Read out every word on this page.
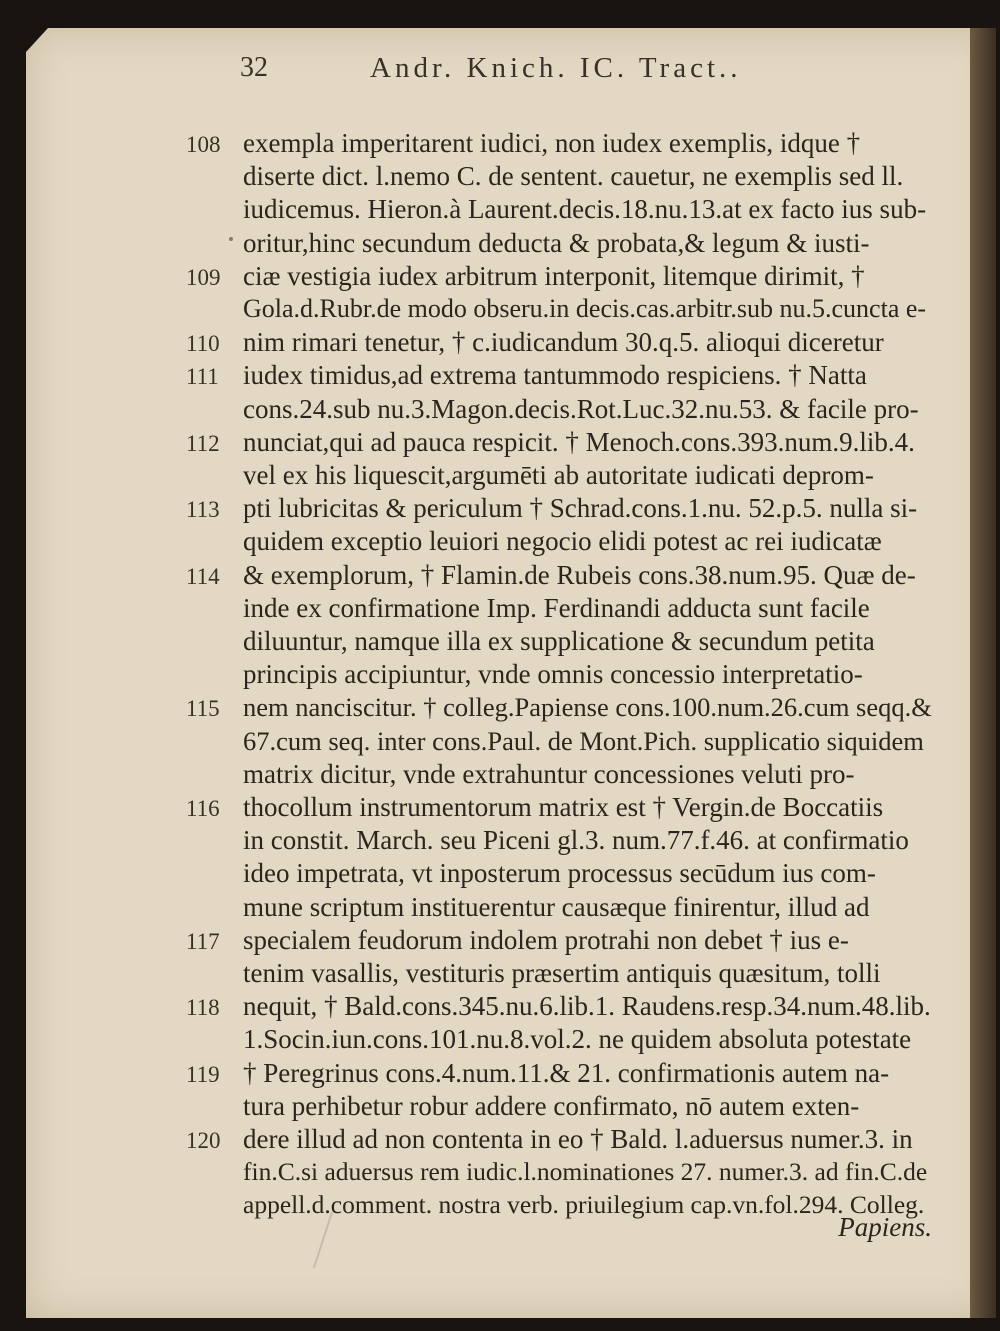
32	Andr. Knich. IC. Tract..
108 exempla imperitarent iudici, non iudex exemplis, idque †
diserte dict. l.nemo C. de sentent. cauetur, ne exemplis sed ll.
iudicemus. Hieron.à Laurent.decis.18.nu.13.at ex facto ius sub-
oritur,hinc secundum deducta & probata,& legum & iusti-
109 ciæ vestigia iudex arbitrum interponit, litemque dirimit, †
Gola.d.Rubr.de modo obseru.in decis.cas.arbitr.sub nu.5.cuncta e-
110 nim rimari tenetur, † c.iudicandum 30.q.5. alioqui diceretur
111 iudex timidus,ad extrema tantummodo respiciens. † Natta
cons.24.sub nu.3.Magon.decis.Rot.Luc.32.nu.53. & facile pro-
112 nunciat,qui ad pauca respicit. † Menoch.cons.393.num.9.lib.4.
vel ex his liquescit,argumēti ab autoritate iudicati deprom-
113 pti lubricitas & periculum † Schrad.cons.1.nu. 52.p.5. nulla si-
quidem exceptio leuiori negocio elidi potest ac rei iudicatæ
114 & exemplorum, † Flamin.de Rubeis cons.38.num.95. Quæ de-
inde ex confirmatione Imp. Ferdinandi adducta sunt facile
diluuntur, namque illa ex supplicatione & secundum petita
principis accipiuntur, vnde omnis concessio interpretatio-
115 nem nanciscitur. † colleg.Papiense cons.100.num.26.cum seqq.&
67.cum seq. inter cons.Paul. de Mont.Pich. supplicatio siquidem
matrix dicitur, vnde extrahuntur concessiones veluti pro-
116 thocollum instrumentorum matrix est † Vergin.de Boccatiis
in constit. March. seu Piceni gl.3. num.77.f.46. at confirmatio
ideo impetrata, vt inposterum processus secūdum ius com-
mune scriptum instituerentur causæque finirentur, illud ad
117 specialem feudorum indolem protrahi non debet † ius e-
tenim vasallis, vestituris præsertim antiquis quæsitum, tolli
118 nequit, † Bald.cons.345.nu.6.lib.1. Raudens.resp.34.num.48.lib.
1.Socin.iun.cons.101.nu.8.vol.2. ne quidem absoluta potestate
119 † Peregrinus cons.4.num.11.& 21. confirmationis autem na-
tura perhibetur robur addere confirmato, nō autem exten-
120 dere illud ad non contenta in eo † Bald. l.aduersus numer.3. in
fin.C.si aduersus rem iudic.l.nominationes 27. numer.3. ad fin.C.de
appell.d.comment. nostra verb. priuilegium cap.vn.fol.294. Colleg.
Papiens.
